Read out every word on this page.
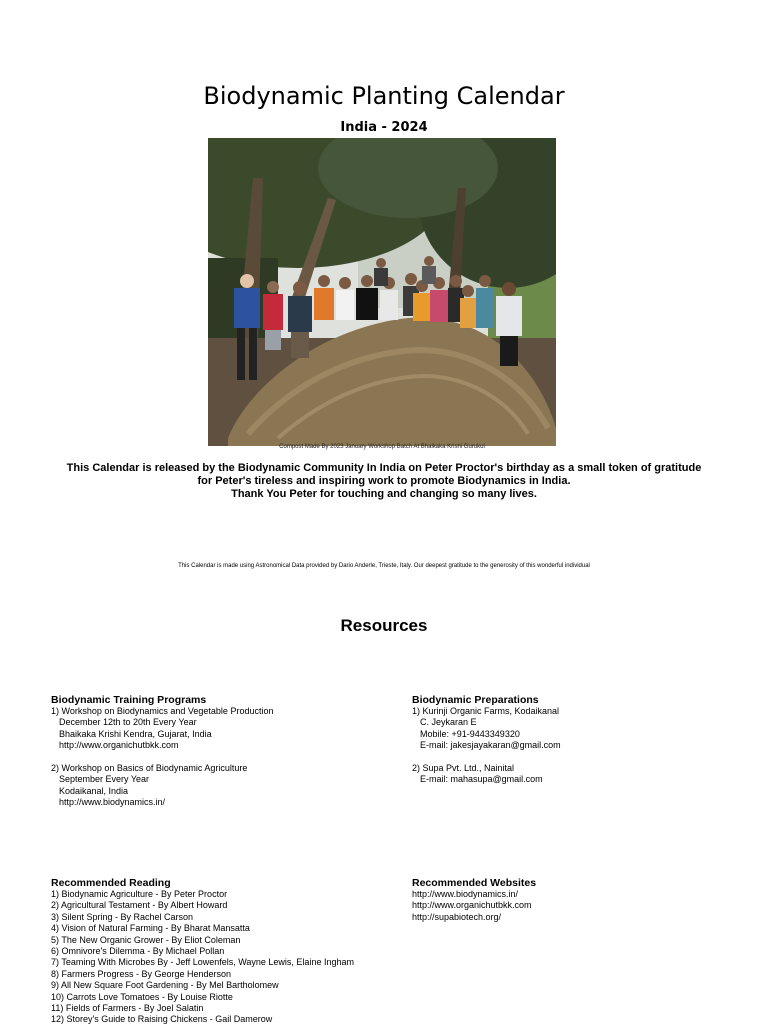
Biodynamic Planting Calendar
India - 2024
Compost Made By 2023 January Workshop Batch At Bhaikaka Krishi Gurukul
This Calendar is released by the Biodynamic Community In India on Peter Proctor's birthday as a small token of gratitude
for Peter's tireless and inspiring work to promote Biodynamics in India.
Thank You Peter for touching and changing so many lives.
This Calendar is made using Astronomical Data provided by Dario Anderle, Trieste, Italy. Our deepest gratitude to the generosity of this wonderful individual
Resources
Biodynamic Training Programs
1) Workshop on Biodynamics and Vegetable Production
December 12th to 20th Every Year
Bhaikaka Krishi Kendra, Gujarat, India
http://www.organichutbkk.com
2) Workshop on Basics of Biodynamic Agriculture
September Every Year
Kodaikanal, India
http://www.biodynamics.in/
Biodynamic Preparations
1) Kurinji Organic Farms, Kodaikanal
C. Jeykaran E
Mobile: +91-9443349320
E-mail: jakesjayakaran@gmail.com
2) Supa Pvt. Ltd., Nainital
E-mail: mahasupa@gmail.com
Recommended Reading
1) Biodynamic Agriculture - By Peter Proctor
2) Agricultural Testament - By Albert Howard
3) Silent Spring - By Rachel Carson
4) Vision of Natural Farming - By Bharat Mansatta
5) The New Organic Grower - By Eliot Coleman
6) Omnivore's Dilemma - By Michael Pollan
7) Teaming With Microbes By - Jeff Lowenfels, Wayne Lewis, Elaine Ingham
8) Farmers Progress - By George Henderson
9) All New Square Foot Gardening - By Mel Bartholomew
10) Carrots Love Tomatoes - By Louise Riotte
11) Fields of Farmers - By Joel Salatin
12) Storey's Guide to Raising Chickens - Gail Damerow
Recommended Websites
http://www.biodynamics.in/
http://www.organichutbkk.com
http://supabiotech.org/
